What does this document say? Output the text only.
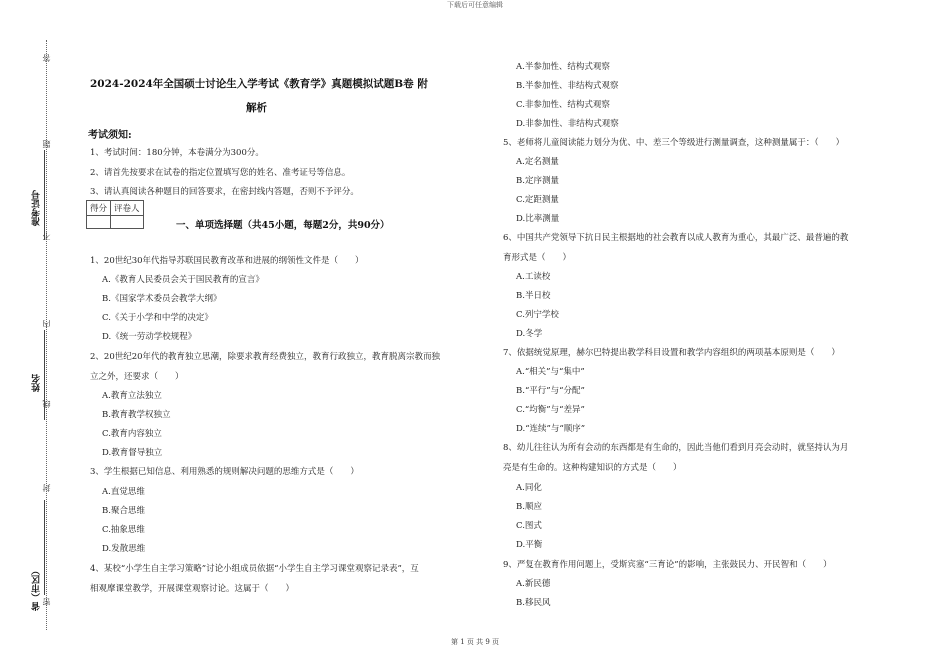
下载后可任意编辑
第 1 页 共 9 页
答
题
不
内
线
封
密
准考证号
姓名
省（市区）
2024-2024年全国硕士讨论生入学考试《教育学》真题模拟试题B卷 附
解析
考试须知:
1、考试时间：180分钟，本卷满分为300分。
2、请首先按要求在试卷的指定位置填写您的姓名、准考证号等信息。
3、请认真阅读各种题目的回答要求，在密封线内答题，否则不予评分。
得分	评卷人

一、单项选择题（共45小题，每题2分，共90分）
1、20世纪30年代指导苏联国民教育改革和进展的纲领性文件是（　　）
A.《教育人民委员会关于国民教育的宣言》
B.《国家学术委员会教学大纲》
C.《关于小学和中学的决定》
D.《统一劳动学校规程》
2、20世纪20年代的教育独立思潮，除要求教育经费独立，教育行政独立，教育脱离宗教而独
立之外，还要求（　　）
A.教育立法独立
B.教育教学权独立
C.教育内容独立
D.教育督导独立
3、学生根据已知信息、利用熟悉的规则解决问题的思维方式是（　　）
A.直觉思维
B.聚合思维
C.抽象思维
D.发散思维
4、某校“小学生自主学习策略”讨论小组成员依据“小学生自主学习课堂观察记录表”，互
相观摩课堂教学，开展课堂观察讨论。这属于（　　）
A.半参加性、结构式观察
B.半参加性、非结构式观察
C.非参加性、结构式观察
D.非参加性、非结构式观察
5、老师将儿童阅读能力划分为优、中、差三个等级进行测量调查，这种测量属于：（　　）
A.定名测量
B.定序测量
C.定距测量
D.比率测量
6、中国共产党领导下抗日民主根据地的社会教育以成人教育为重心，其最广泛、最普遍的教
育形式是（　　）
A.工读校
B.半日校
C.列宁学校
D.冬学
7、依据统觉原理，赫尔巴特提出教学科目设置和教学内容组织的两项基本原则是（　　）
A.“相关”与“集中”
B.“平行”与“分配”
C.“均衡”与“差异”
D.“连续”与“顺序”
8、幼儿往往认为所有会动的东西都是有生命的，因此当他们看到月亮会动时，就坚持认为月
亮是有生命的。这种构建知识的方式是（　　）
A.同化
B.顺应
C.图式
D.平衡
9、严复在教育作用问题上，受斯宾塞“三育论”的影响，主张鼓民力、开民智和（　　）
A.新民德
B.移民风
